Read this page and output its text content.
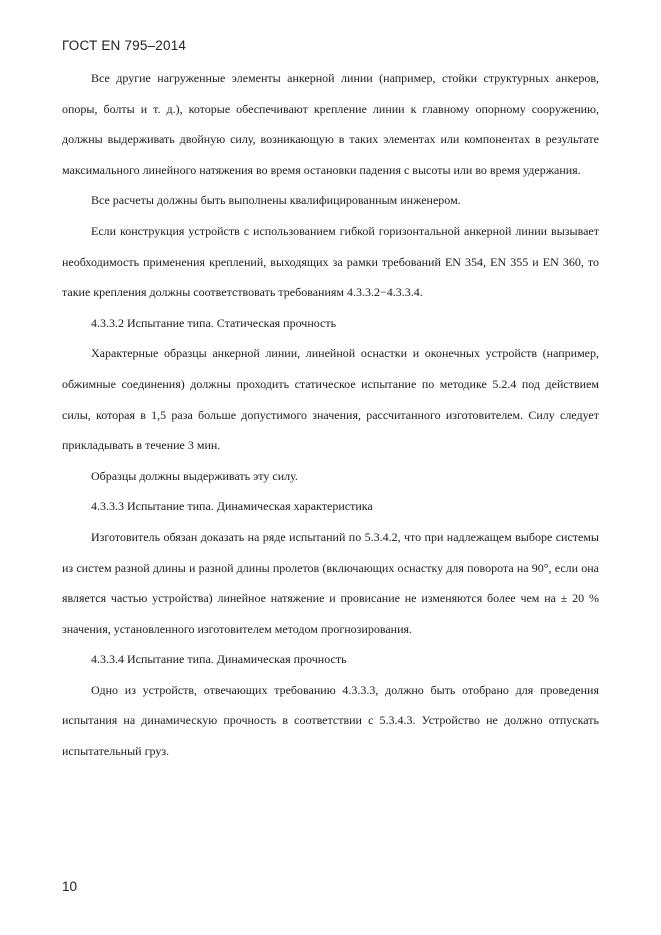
ГОСТ EN 795–2014

Все другие нагруженные элементы анкерной линии (например, стойки структурных анкеров, опоры, болты и т. д.), которые обеспечивают крепление линии к главному опорному сооружению, должны выдерживать двойную силу, возникающую в таких элементах или компонентах в результате максимального линейного натяжения во время остановки падения с высоты или во время удержания.

Все расчеты должны быть выполнены квалифицированным инженером.

Если конструкция устройств с использованием гибкой горизонтальной анкерной линии вызывает необходимость применения креплений, выходящих за рамки требований EN 354, EN 355 и EN 360, то такие крепления должны соответствовать требованиям 4.3.3.2−4.3.3.4.

4.3.3.2 Испытание типа. Статическая прочность

Характерные образцы анкерной линии, линейной оснастки и оконечных устройств (например, обжимные соединения) должны проходить статическое испытание по методике 5.2.4 под действием силы, которая в 1,5 раза больше допустимого значения, рассчитанного изготовителем. Силу следует прикладывать в течение 3 мин.

Образцы должны выдерживать эту силу.

4.3.3.3 Испытание типа. Динамическая характеристика

Изготовитель обязан доказать на ряде испытаний по 5.3.4.2, что при надлежащем выборе системы из систем разной длины и разной длины пролетов (включающих оснастку для поворота на 90°, если она является частью устройства) линейное натяжение и провисание не изменяются более чем на ± 20 % значения, установленного изготовителем методом прогнозирования.

4.3.3.4 Испытание типа. Динамическая прочность

Одно из устройств, отвечающих требованию 4.3.3.3, должно быть отобрано для проведения испытания на динамическую прочность в соответствии с 5.3.4.3. Устройство не должно отпускать испытательный груз.

10
